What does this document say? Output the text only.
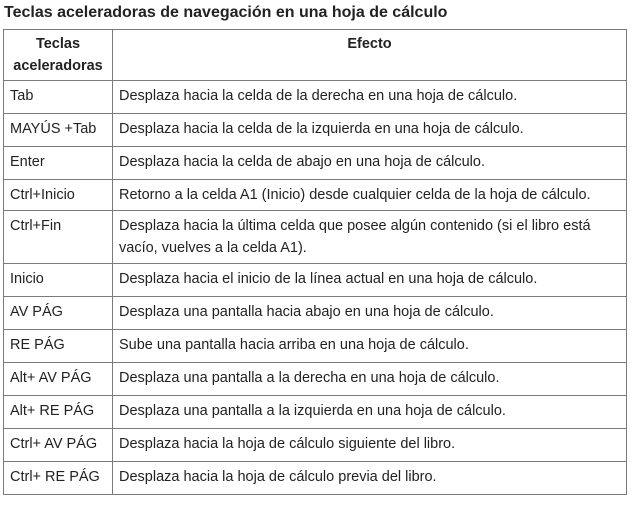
Teclas aceleradoras de navegación en una hoja de cálculo
Teclas aceleradoras	Efecto
Tab	Desplaza hacia la celda de la derecha en una hoja de cálculo.
MAYÚS +Tab	Desplaza hacia la celda de la izquierda en una hoja de cálculo.
Enter	Desplaza hacia la celda de abajo en una hoja de cálculo.
Ctrl+Inicio	Retorno a la celda A1 (Inicio) desde cualquier celda de la hoja de cálculo.
Ctrl+Fin	Desplaza hacia la última celda que posee algún contenido (si el libro está vacío, vuelves a la celda A1).
Inicio	Desplaza hacia el inicio de la línea actual en una hoja de cálculo.
AV PÁG	Desplaza una pantalla hacia abajo en una hoja de cálculo.
RE PÁG	Sube una pantalla hacia arriba en una hoja de cálculo.
Alt+ AV PÁG	Desplaza una pantalla a la derecha en una hoja de cálculo.
Alt+ RE PÁG	Desplaza una pantalla a la izquierda en una hoja de cálculo.
Ctrl+ AV PÁG	Desplaza hacia la hoja de cálculo siguiente del libro.
Ctrl+ RE PÁG	Desplaza hacia la hoja de cálculo previa del libro.
